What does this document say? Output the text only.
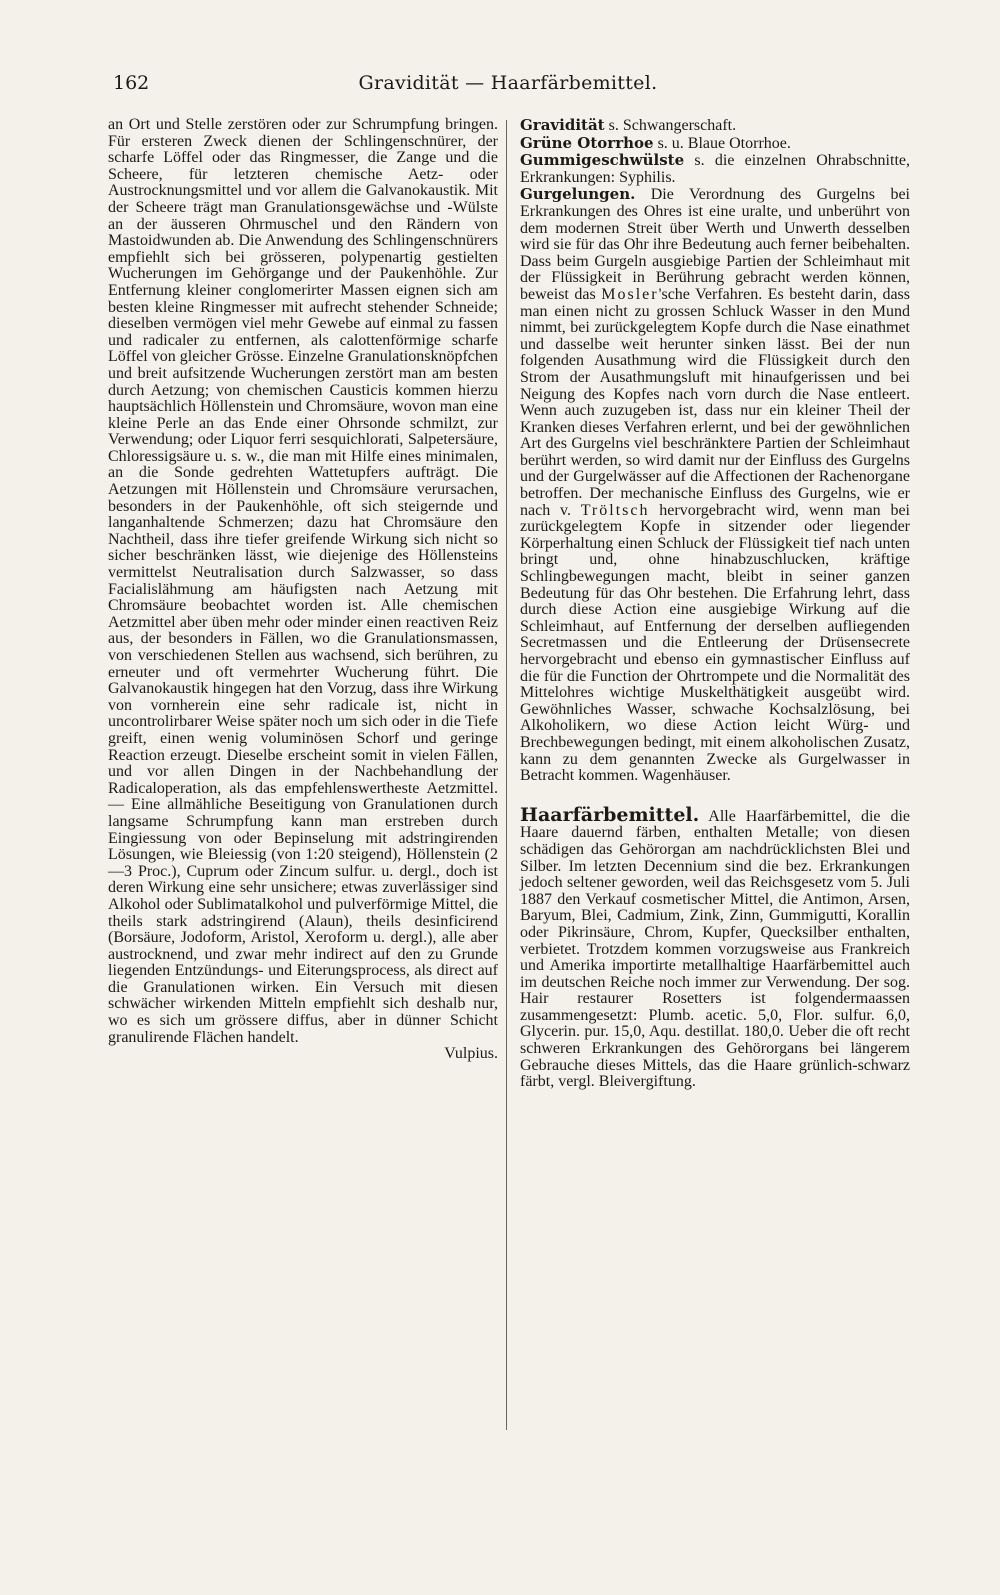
162	Gravidität — Haarfärbemittel.

an Ort und Stelle zerstören oder zur Schrumpfung bringen. Für ersteren Zweck dienen der Schlingenschnürer, der scharfe Löffel oder das Ringmesser, die Zange und die Scheere, für letzteren chemische Aetz- oder Austrocknungsmittel und vor allem die Galvanokaustik. Mit der Scheere trägt man Granulationsgewächse und -Wülste an der äusseren Ohrmuschel und den Rändern von Mastoidwunden ab. Die Anwendung des Schlingenschnürers empfiehlt sich bei grösseren, polypenartig gestielten Wucherungen im Gehörgange und der Paukenhöhle. Zur Entfernung kleiner conglomerirter Massen eignen sich am besten kleine Ringmesser mit aufrecht stehender Schneide; dieselben vermögen viel mehr Gewebe auf einmal zu fassen und radicaler zu entfernen, als calottenförmige scharfe Löffel von gleicher Grösse. Einzelne Granulationsknöpfchen und breit aufsitzende Wucherungen zerstört man am besten durch Aetzung; von chemischen Causticis kommen hierzu hauptsächlich Höllenstein und Chromsäure, wovon man eine kleine Perle an das Ende einer Ohrsonde schmilzt, zur Verwendung; oder Liquor ferri sesquichlorati, Salpetersäure, Chloressigsäure u. s. w., die man mit Hilfe eines minimalen, an die Sonde gedrehten Wattetupfers aufträgt. Die Aetzungen mit Höllenstein und Chromsäure verursachen, besonders in der Paukenhöhle, oft sich steigernde und langanhaltende Schmerzen; dazu hat Chromsäure den Nachtheil, dass ihre tiefer greifende Wirkung sich nicht so sicher beschränken lässt, wie diejenige des Höllensteins vermittelst Neutralisation durch Salzwasser, so dass Facialislähmung am häufigsten nach Aetzung mit Chromsäure beobachtet worden ist. Alle chemischen Aetzmittel aber üben mehr oder minder einen reactiven Reiz aus, der besonders in Fällen, wo die Granulationsmassen, von verschiedenen Stellen aus wachsend, sich berühren, zu erneuter und oft vermehrter Wucherung führt. Die Galvanokaustik hingegen hat den Vorzug, dass ihre Wirkung von vornherein eine sehr radicale ist, nicht in uncontrolirbarer Weise später noch um sich oder in die Tiefe greift, einen wenig voluminösen Schorf und geringe Reaction erzeugt. Dieselbe erscheint somit in vielen Fällen, und vor allen Dingen in der Nachbehandlung der Radicaloperation, als das empfehlenswertheste Aetzmittel. — Eine allmähliche Beseitigung von Granulationen durch langsame Schrumpfung kann man erstreben durch Eingiessung von oder Bepinselung mit adstringirenden Lösungen, wie Bleiessig (von 1:20 steigend), Höllenstein (2—3 Proc.), Cuprum oder Zincum sulfur. u. dergl., doch ist deren Wirkung eine sehr unsichere; etwas zuverlässiger sind Alkohol oder Sublimatalkohol und pulverförmige Mittel, die theils stark adstringirend (Alaun), theils desinficirend (Borsäure, Jodoform, Aristol, Xeroform u. dergl.), alle aber austrocknend, und zwar mehr indirect auf den zu Grunde liegenden Entzündungs- und Eiterungsprocess, als direct auf die Granulationen wirken. Ein Versuch mit diesen schwächer wirkenden Mitteln empfiehlt sich deshalb nur, wo es sich um grössere diffus, aber in dünner Schicht granulirende Flächen handelt.

Vulpius.

Gravidität s. Schwangerschaft.

Grüne Otorrhoe s. u. Blaue Otorrhoe.

Gummigeschwülste s. die einzelnen Ohrabschnitte, Erkrankungen: Syphilis.

Gurgelungen. Die Verordnung des Gurgelns bei Erkrankungen des Ohres ist eine uralte, und unberührt von dem modernen Streit über Werth und Unwerth desselben wird sie für das Ohr ihre Bedeutung auch ferner beibehalten. Dass beim Gurgeln ausgiebige Partien der Schleimhaut mit der Flüssigkeit in Berührung gebracht werden können, beweist das Mosler'sche Verfahren. Es besteht darin, dass man einen nicht zu grossen Schluck Wasser in den Mund nimmt, bei zurückgelegtem Kopfe durch die Nase einathmet und dasselbe weit herunter sinken lässt. Bei der nun folgenden Ausathmung wird die Flüssigkeit durch den Strom der Ausathmungsluft mit hinaufgerissen und bei Neigung des Kopfes nach vorn durch die Nase entleert. Wenn auch zuzugeben ist, dass nur ein kleiner Theil der Kranken dieses Verfahren erlernt, und bei der gewöhnlichen Art des Gurgelns viel beschränktere Partien der Schleimhaut berührt werden, so wird damit nur der Einfluss des Gurgelns und der Gurgelwässer auf die Affectionen der Rachenorgane betroffen. Der mechanische Einfluss des Gurgelns, wie er nach v. Tröltsch hervorgebracht wird, wenn man bei zurückgelegtem Kopfe in sitzender oder liegender Körperhaltung einen Schluck der Flüssigkeit tief nach unten bringt und, ohne hinabzuschlucken, kräftige Schlingbewegungen macht, bleibt in seiner ganzen Bedeutung für das Ohr bestehen. Die Erfahrung lehrt, dass durch diese Action eine ausgiebige Wirkung auf die Schleimhaut, auf Entfernung der derselben aufliegenden Secretmassen und die Entleerung der Drüsensecrete hervorgebracht und ebenso ein gymnastischer Einfluss auf die für die Function der Ohrtrompete und die Normalität des Mittelohres wichtige Muskelthätigkeit ausgeübt wird. Gewöhnliches Wasser, schwache Kochsalzlösung, bei Alkoholikern, wo diese Action leicht Würg- und Brechbewegungen bedingt, mit einem alkoholischen Zusatz, kann zu dem genannten Zwecke als Gurgelwasser in Betracht kommen. Wagenhäuser.

Haarfärbemittel. Alle Haarfärbemittel, die die Haare dauernd färben, enthalten Metalle; von diesen schädigen das Gehörorgan am nachdrücklichsten Blei und Silber. Im letzten Decennium sind die bez. Erkrankungen jedoch seltener geworden, weil das Reichsgesetz vom 5. Juli 1887 den Verkauf cosmetischer Mittel, die Antimon, Arsen, Baryum, Blei, Cadmium, Zink, Zinn, Gummigutti, Korallin oder Pikrinsäure, Chrom, Kupfer, Quecksilber enthalten, verbietet. Trotzdem kommen vorzugsweise aus Frankreich und Amerika importirte metallhaltige Haarfärbemittel auch im deutschen Reiche noch immer zur Verwendung. Der sog. Hair restaurer Rosetters ist folgendermaassen zusammengesetzt: Plumb. acetic. 5,0, Flor. sulfur. 6,0, Glycerin. pur. 15,0, Aqu. destillat. 180,0. Ueber die oft recht schweren Erkrankungen des Gehörorgans bei längerem Gebrauche dieses Mittels, das die Haare grünlich-schwarz färbt, vergl. Bleivergiftung.
